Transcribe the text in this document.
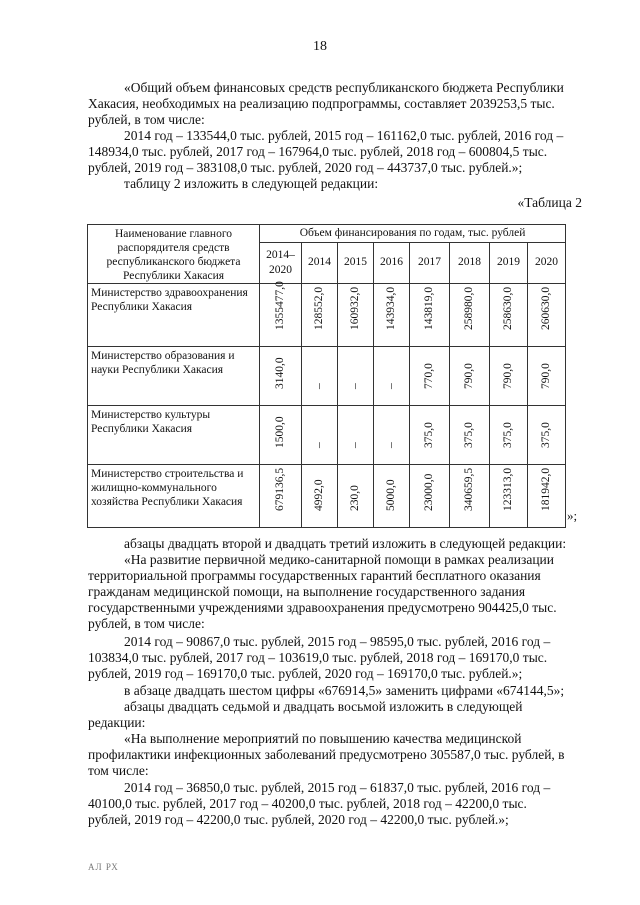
18
«Общий объем финансовых средств республиканского бюджета Республики
Хакасия, необходимых на реализацию подпрограммы, составляет 2039253,5 тыс.
рублей, в том числе:
2014 год – 133544,0 тыс. рублей, 2015 год – 161162,0 тыс. рублей, 2016 год –
148934,0 тыс. рублей, 2017 год – 167964,0 тыс. рублей, 2018 год – 600804,5 тыс.
рублей, 2019 год – 383108,0 тыс. рублей, 2020 год – 443737,0 тыс. рублей.»;
таблицу 2 изложить в следующей редакции:
«Таблица 2
Наименование главного распорядителя средств республиканского бюджета Республики Хакасия	Объем финансирования по годам, тыс. рублей							
	2014–2020	2014	2015	2016	2017	2018	2019	2020
Министерство здравоохранения Республики Хакасия	1355477,0	128552,0	160932,0	143934,0	143819,0	258980,0	258630,0	260630,0

Министерство образования и науки Республики Хакасия	3140,0	–	–	–	770,0	790,0	790,0	790,0

Министерство культуры Республики Хакасия	1500,0	–	–	–	375,0	375,0	375,0	375,0

Министерство строительства и жилищно-коммунального хозяйства Республики Хакасия	679136,5	4992,0	230,0	5000,0	23000,0	340659,5	123313,0	181942,0
»;
абзацы двадцать второй и двадцать третий изложить в следующей редакции:
«На развитие первичной медико-санитарной помощи в рамках реализации
территориальной программы государственных гарантий бесплатного оказания
гражданам медицинской помощи, на выполнение государственного задания
государственными учреждениями здравоохранения предусмотрено 904425,0 тыс.
рублей, в том числе:
2014 год – 90867,0 тыс. рублей, 2015 год – 98595,0 тыс. рублей, 2016 год –
103834,0 тыс. рублей, 2017 год – 103619,0 тыс. рублей, 2018 год – 169170,0 тыс.
рублей, 2019 год – 169170,0 тыс. рублей, 2020 год – 169170,0 тыс. рублей.»;
в абзаце двадцать шестом цифры «676914,5» заменить цифрами «674144,5»;
абзацы двадцать седьмой и двадцать восьмой изложить в следующей
редакции:
«На выполнение мероприятий по повышению качества медицинской
профилактики инфекционных заболеваний предусмотрено 305587,0 тыс. рублей, в
том числе:
2014 год – 36850,0 тыс. рублей, 2015 год – 61837,0 тыс. рублей, 2016 год –
40100,0 тыс. рублей, 2017 год – 40200,0 тыс. рублей, 2018 год – 42200,0 тыс.
рублей, 2019 год – 42200,0 тыс. рублей, 2020 год – 42200,0 тыс. рублей.»;
АЛ РХ
